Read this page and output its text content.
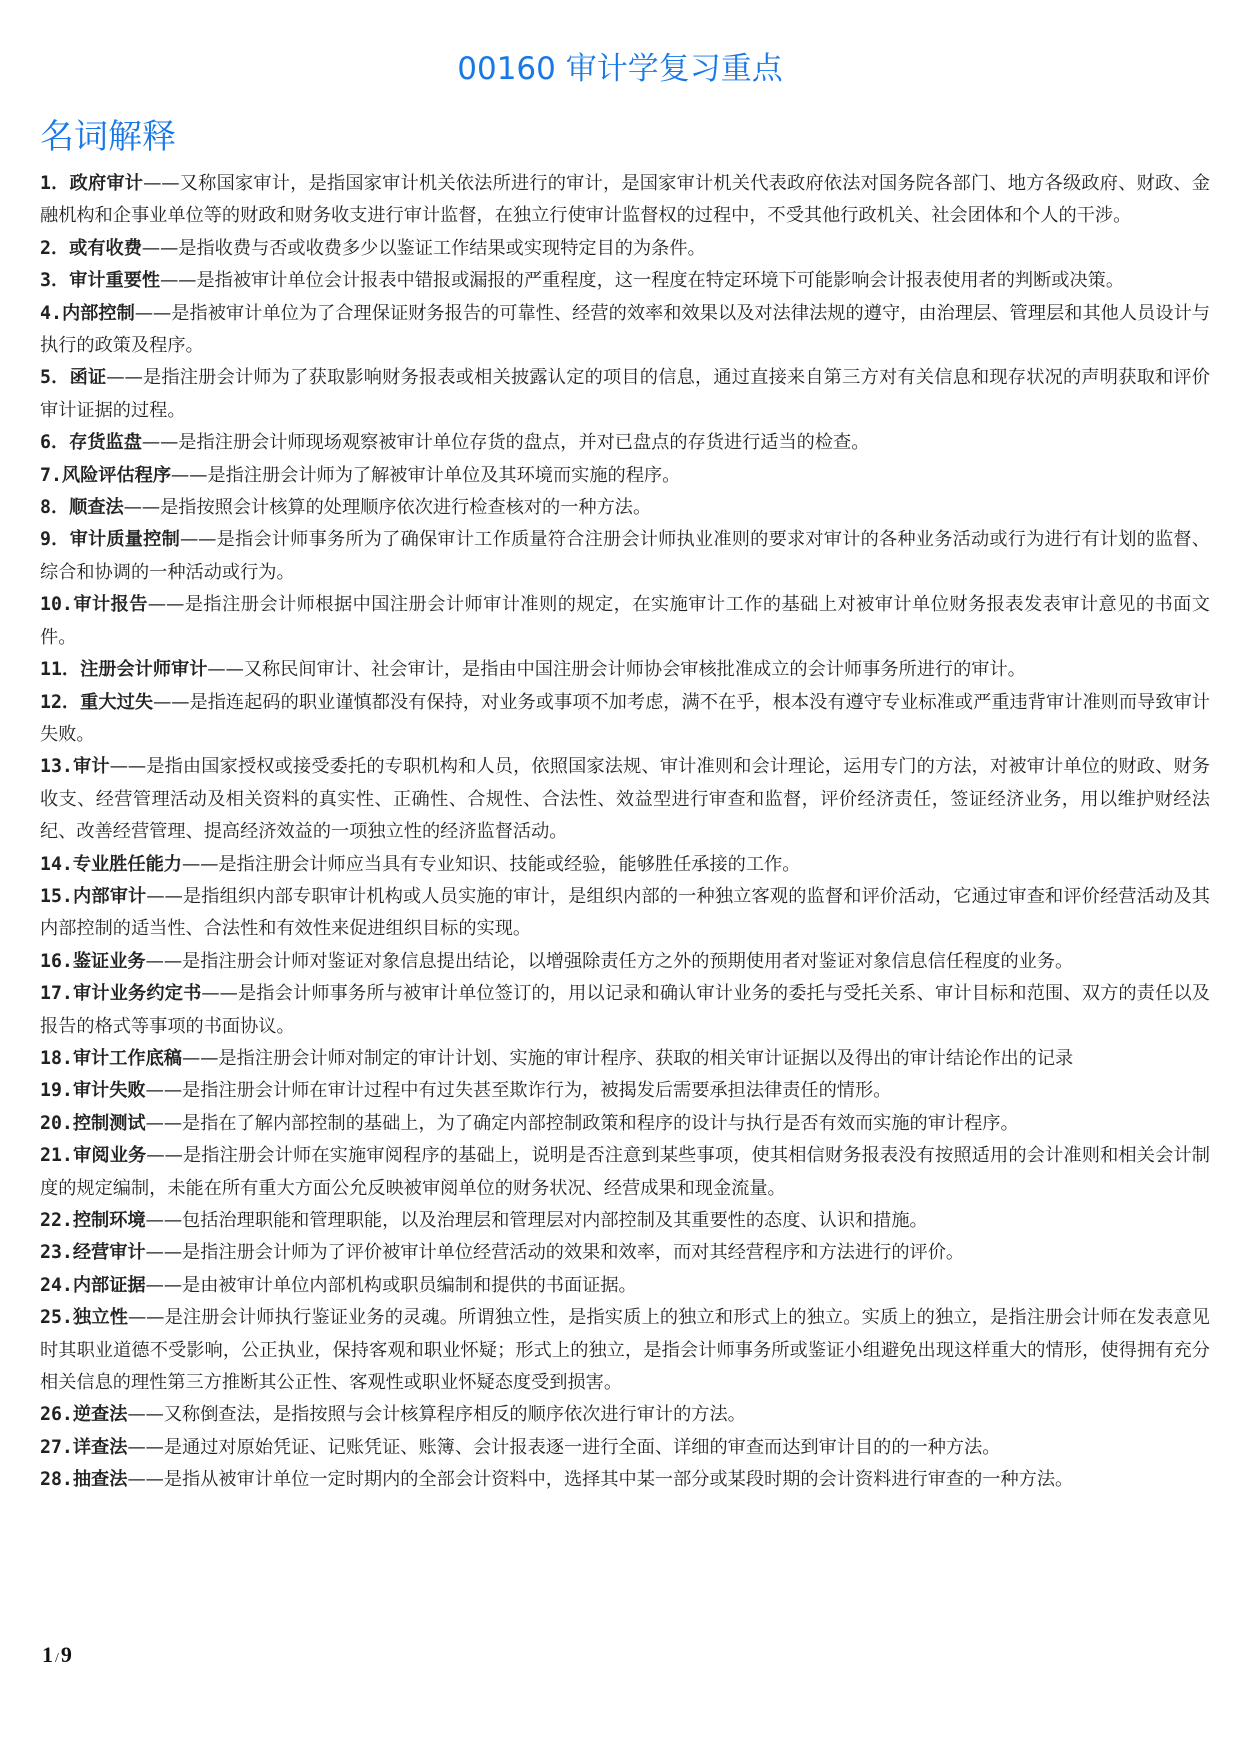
00160 审计学复习重点
名词解释

1．政府审计——又称国家审计，是指国家审计机关依法所进行的审计，是国家审计机关代表政府依法对国务院各部门、地方各级政府、财政、金融机构和企事业单位等的财政和财务收支进行审计监督，在独立行使审计监督权的过程中，不受其他行政机关、社会团体和个人的干涉。

2．或有收费——是指收费与否或收费多少以鉴证工作结果或实现特定目的为条件。

3．审计重要性——是指被审计单位会计报表中错报或漏报的严重程度，这一程度在特定环境下可能影响会计报表使用者的判断或决策。

4.内部控制——是指被审计单位为了合理保证财务报告的可靠性、经营的效率和效果以及对法律法规的遵守，由治理层、管理层和其他人员设计与执行的政策及程序。

5．函证——是指注册会计师为了获取影响财务报表或相关披露认定的项目的信息，通过直接来自第三方对有关信息和现存状况的声明获取和评价审计证据的过程。

6．存货监盘——是指注册会计师现场观察被审计单位存货的盘点，并对已盘点的存货进行适当的检查。

7.风险评估程序——是指注册会计师为了解被审计单位及其环境而实施的程序。

8．顺查法——是指按照会计核算的处理顺序依次进行检查核对的一种方法。

9．审计质量控制——是指会计师事务所为了确保审计工作质量符合注册会计师执业准则的要求对审计的各种业务活动或行为进行有计划的监督、综合和协调的一种活动或行为。

10.审计报告——是指注册会计师根据中国注册会计师审计准则的规定，在实施审计工作的基础上对被审计单位财务报表发表审计意见的书面文件。

11．注册会计师审计——又称民间审计、社会审计，是指由中国注册会计师协会审核批准成立的会计师事务所进行的审计。

12．重大过失——是指连起码的职业谨慎都没有保持，对业务或事项不加考虑，满不在乎，根本没有遵守专业标准或严重违背审计准则而导致审计失败。

13.审计——是指由国家授权或接受委托的专职机构和人员，依照国家法规、审计准则和会计理论，运用专门的方法，对被审计单位的财政、财务收支、经营管理活动及相关资料的真实性、正确性、合规性、合法性、效益型进行审查和监督，评价经济责任，签证经济业务，用以维护财经法纪、改善经营管理、提高经济效益的一项独立性的经济监督活动。

14.专业胜任能力——是指注册会计师应当具有专业知识、技能或经验，能够胜任承接的工作。

15.内部审计——是指组织内部专职审计机构或人员实施的审计，是组织内部的一种独立客观的监督和评价活动，它通过审查和评价经营活动及其内部控制的适当性、合法性和有效性来促进组织目标的实现。

16.鉴证业务——是指注册会计师对鉴证对象信息提出结论，以增强除责任方之外的预期使用者对鉴证对象信息信任程度的业务。

17.审计业务约定书——是指会计师事务所与被审计单位签订的，用以记录和确认审计业务的委托与受托关系、审计目标和范围、双方的责任以及报告的格式等事项的书面协议。

18.审计工作底稿——是指注册会计师对制定的审计计划、实施的审计程序、获取的相关审计证据以及得出的审计结论作出的记录

19.审计失败——是指注册会计师在审计过程中有过失甚至欺诈行为，被揭发后需要承担法律责任的情形。

20.控制测试——是指在了解内部控制的基础上，为了确定内部控制政策和程序的设计与执行是否有效而实施的审计程序。

21.审阅业务——是指注册会计师在实施审阅程序的基础上，说明是否注意到某些事项，使其相信财务报表没有按照适用的会计准则和相关会计制度的规定编制，未能在所有重大方面公允反映被审阅单位的财务状况、经营成果和现金流量。

22.控制环境——包括治理职能和管理职能，以及治理层和管理层对内部控制及其重要性的态度、认识和措施。

23.经营审计——是指注册会计师为了评价被审计单位经营活动的效果和效率，而对其经营程序和方法进行的评价。

24.内部证据——是由被审计单位内部机构或职员编制和提供的书面证据。

25.独立性——是注册会计师执行鉴证业务的灵魂。所谓独立性，是指实质上的独立和形式上的独立。实质上的独立，是指注册会计师在发表意见时其职业道德不受影响，公正执业，保持客观和职业怀疑；形式上的独立，是指会计师事务所或鉴证小组避免出现这样重大的情形，使得拥有充分相关信息的理性第三方推断其公正性、客观性或职业怀疑态度受到损害。

26.逆查法——又称倒查法，是指按照与会计核算程序相反的顺序依次进行审计的方法。

27.详查法——是通过对原始凭证、记账凭证、账簿、会计报表逐一进行全面、详细的审查而达到审计目的的一种方法。

28.抽查法——是指从被审计单位一定时期内的全部会计资料中，选择其中某一部分或某段时期的会计资料进行审查的一种方法。

1 /9
